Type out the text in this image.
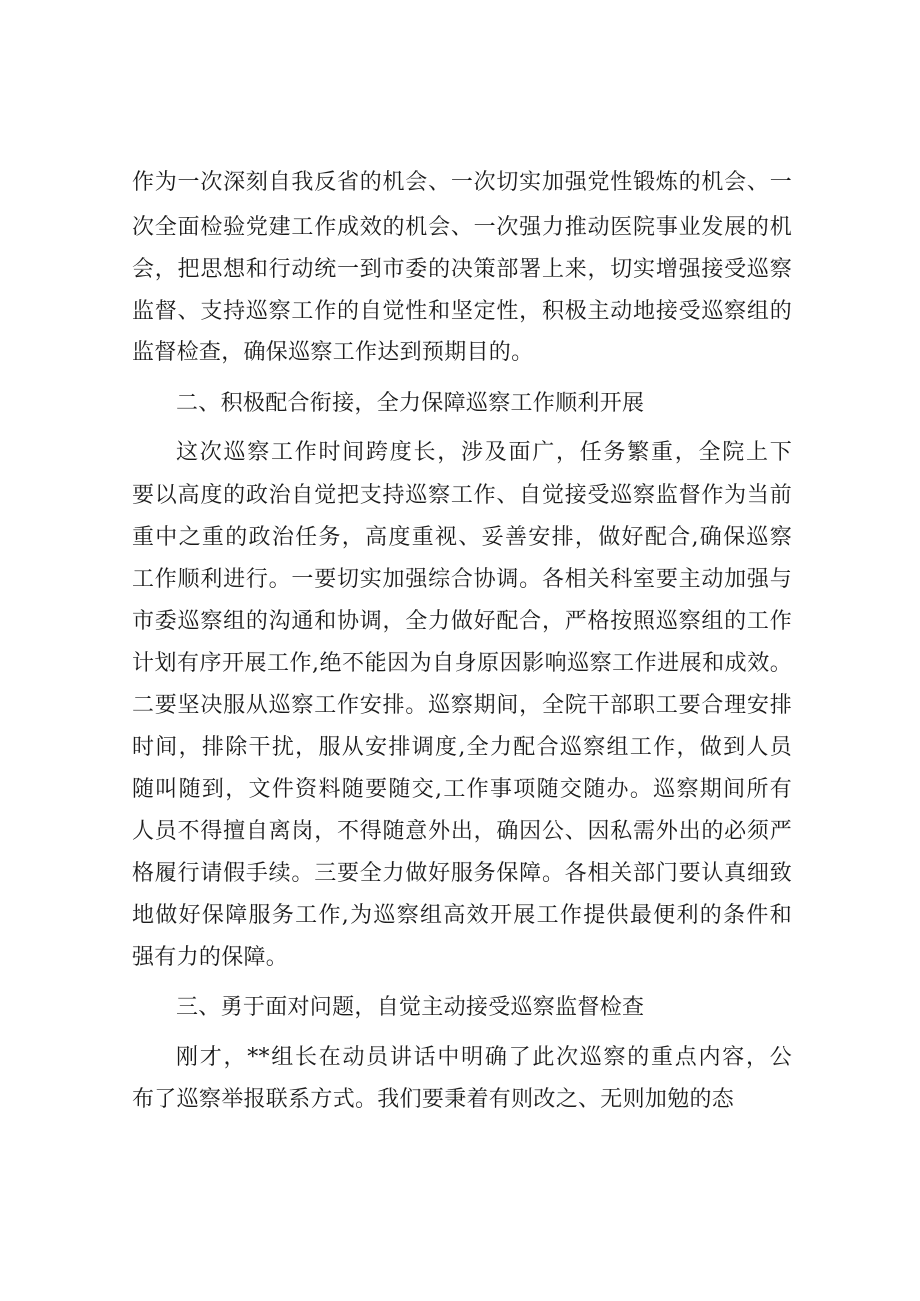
作为一次深刻自我反省的机会、一次切实加强党性锻炼的机会、一
次全面检验党建工作成效的机会、一次强力推动医院事业发展的机
会，把思想和行动统一到市委的决策部署上来，切实增强接受巡察
监督、支持巡察工作的自觉性和坚定性，积极主动地接受巡察组的
监督检查，确保巡察工作达到预期目的。
二、积极配合衔接，全力保障巡察工作顺利开展
这次巡察工作时间跨度长，涉及面广，任务繁重，全院上下
要以高度的政治自觉把支持巡察工作、自觉接受巡察监督作为当前
重中之重的政治任务，高度重视、妥善安排，做好配合,确保巡察
工作顺利进行。一要切实加强综合协调。各相关科室要主动加强与
市委巡察组的沟通和协调，全力做好配合，严格按照巡察组的工作
计划有序开展工作,绝不能因为自身原因影响巡察工作进展和成效。
二要坚决服从巡察工作安排。巡察期间，全院干部职工要合理安排
时间，排除干扰，服从安排调度,全力配合巡察组工作，做到人员
随叫随到，文件资料随要随交,工作事项随交随办。巡察期间所有
人员不得擅自离岗，不得随意外出，确因公、因私需外出的必须严
格履行请假手续。三要全力做好服务保障。各相关部门要认真细致
地做好保障服务工作,为巡察组高效开展工作提供最便利的条件和
强有力的保障。
三、勇于面对问题，自觉主动接受巡察监督检查
刚才，**组长在动员讲话中明确了此次巡察的重点内容，公
布了巡察举报联系方式。我们要秉着有则改之、无则加勉的态
